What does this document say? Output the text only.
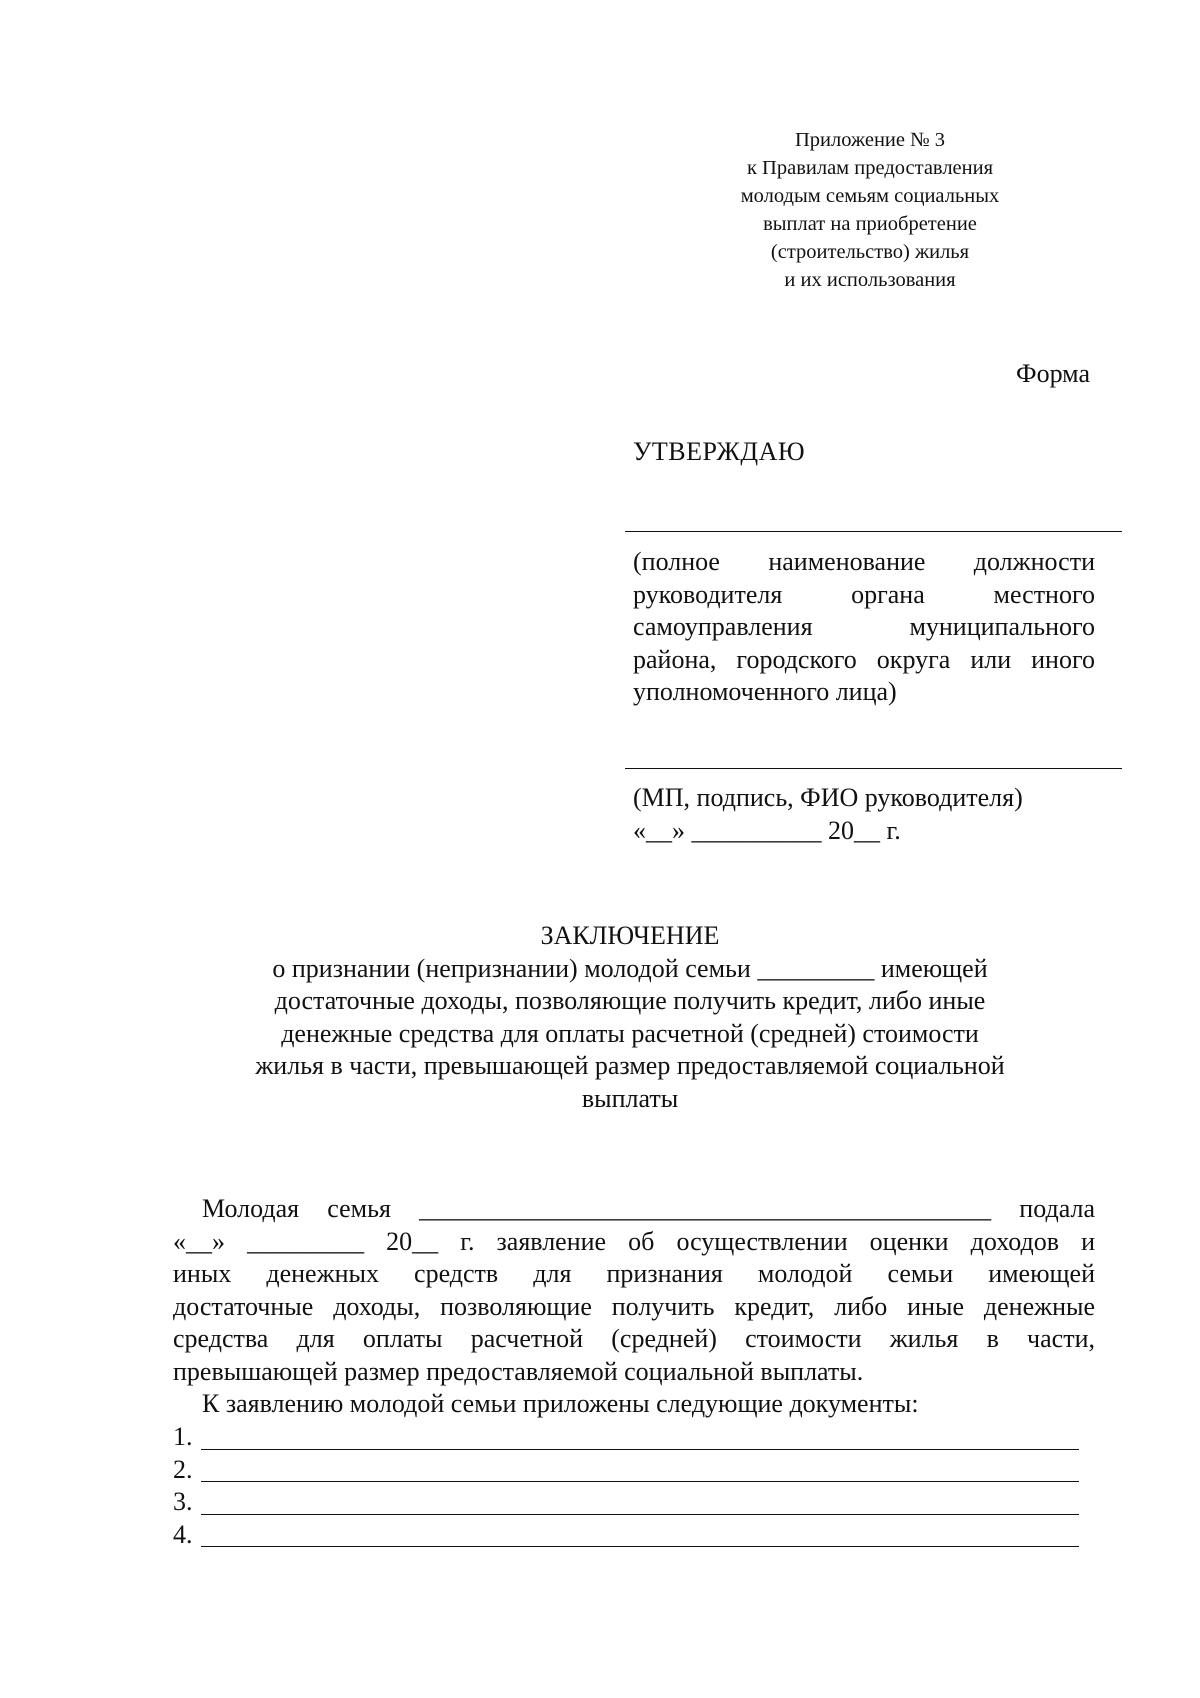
Приложение № 3
к Правилам предоставления
молодым семьям социальных
выплат на приобретение
(строительство) жилья
и их использования
Форма
УТВЕРЖДАЮ
(полное наименование должности
руководителя органа местного
самоуправления муниципального
района, городского округа или иного
уполномоченного лица)
(МП, подпись, ФИО руководителя)
«__» __________ 20__ г.
ЗАКЛЮЧЕНИЕ
о признании (непризнании) молодой семьи _________ имеющей
достаточные доходы, позволяющие получить кредит, либо иные
денежные средства для оплаты расчетной (средней) стоимости
жилья в части, превышающей размер предоставляемой социальной
выплаты
Молодая семья ____________________________________________ подала
«__» _________ 20__ г. заявление об осуществлении оценки доходов и
иных денежных средств для признания молодой семьи имеющей
достаточные доходы, позволяющие получить кредит, либо иные денежные
средства для оплаты расчетной (средней) стоимости жилья в части,
превышающей размер предоставляемой социальной выплаты.
К заявлению молодой семьи приложены следующие документы:
1.
2.
3.
4.
